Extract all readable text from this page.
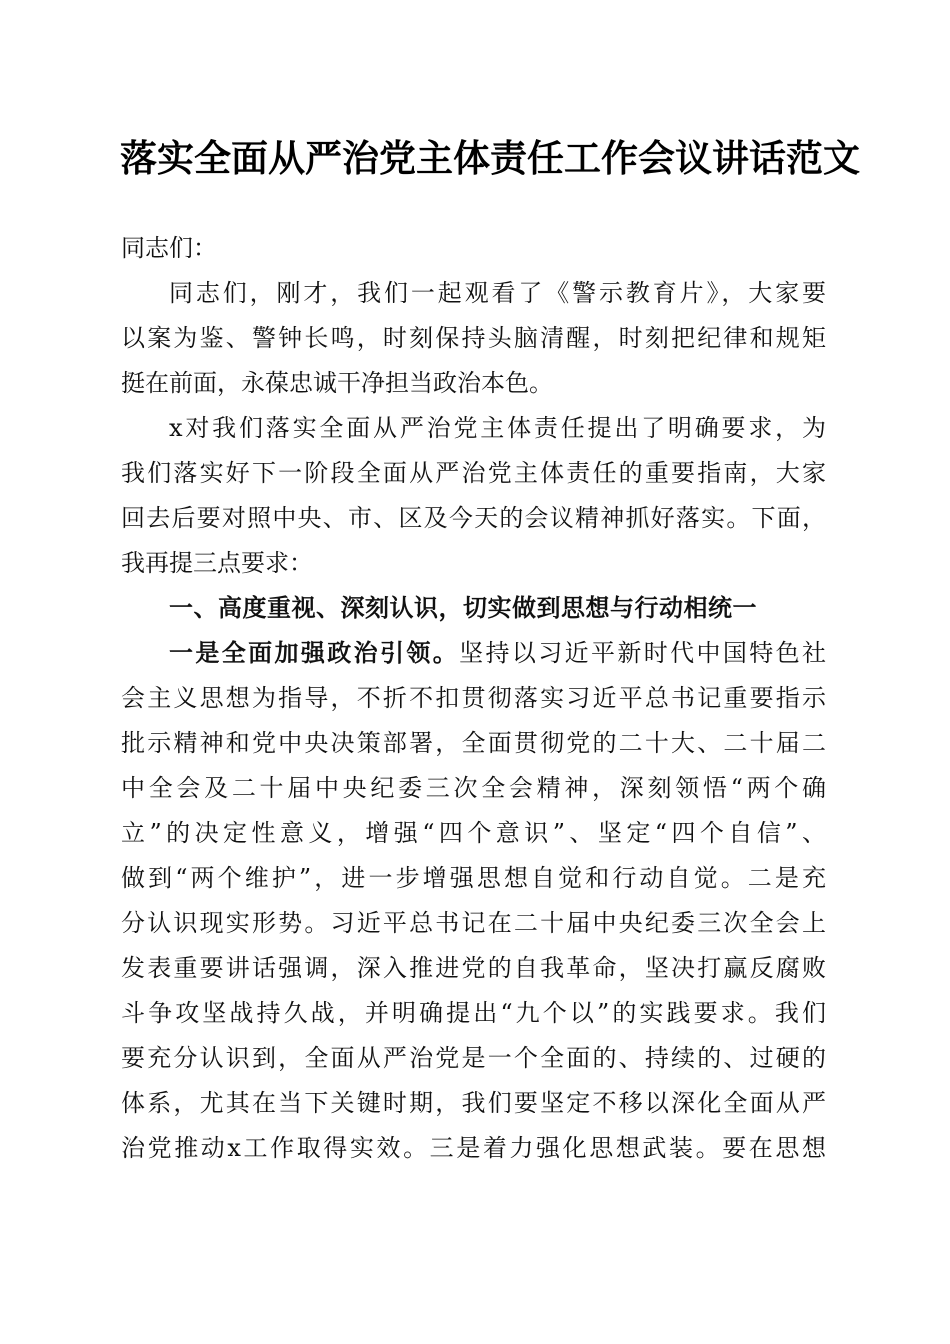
落实全面从严治党主体责任工作会议讲话范文
同志们：
同志们，刚才，我们一起观看了《警示教育片》，大家要
以案为鉴、警钟长鸣，时刻保持头脑清醒，时刻把纪律和规矩
挺在前面，永葆忠诚干净担当政治本色。
x对我们落实全面从严治党主体责任提出了明确要求，为
我们落实好下一阶段全面从严治党主体责任的重要指南，大家
回去后要对照中央、市、区及今天的会议精神抓好落实。下面，
我再提三点要求：
一、高度重视、深刻认识，切实做到思想与行动相统一
一是全面加强政治引领。坚持以习近平新时代中国特色社
会主义思想为指导，不折不扣贯彻落实习近平总书记重要指示
批示精神和党中央决策部署，全面贯彻党的二十大、二十届二
中全会及二十届中央纪委三次全会精神，深刻领悟“两个确
立”的决定性意义，增强“四个意识”、坚定“四个自信”、
做到“两个维护”，进一步增强思想自觉和行动自觉。二是充
分认识现实形势。习近平总书记在二十届中央纪委三次全会上
发表重要讲话强调，深入推进党的自我革命，坚决打赢反腐败
斗争攻坚战持久战，并明确提出“九个以”的实践要求。我们
要充分认识到，全面从严治党是一个全面的、持续的、过硬的
体系，尤其在当下关键时期，我们要坚定不移以深化全面从严
治党推动x工作取得实效。三是着力强化思想武装。要在思想
